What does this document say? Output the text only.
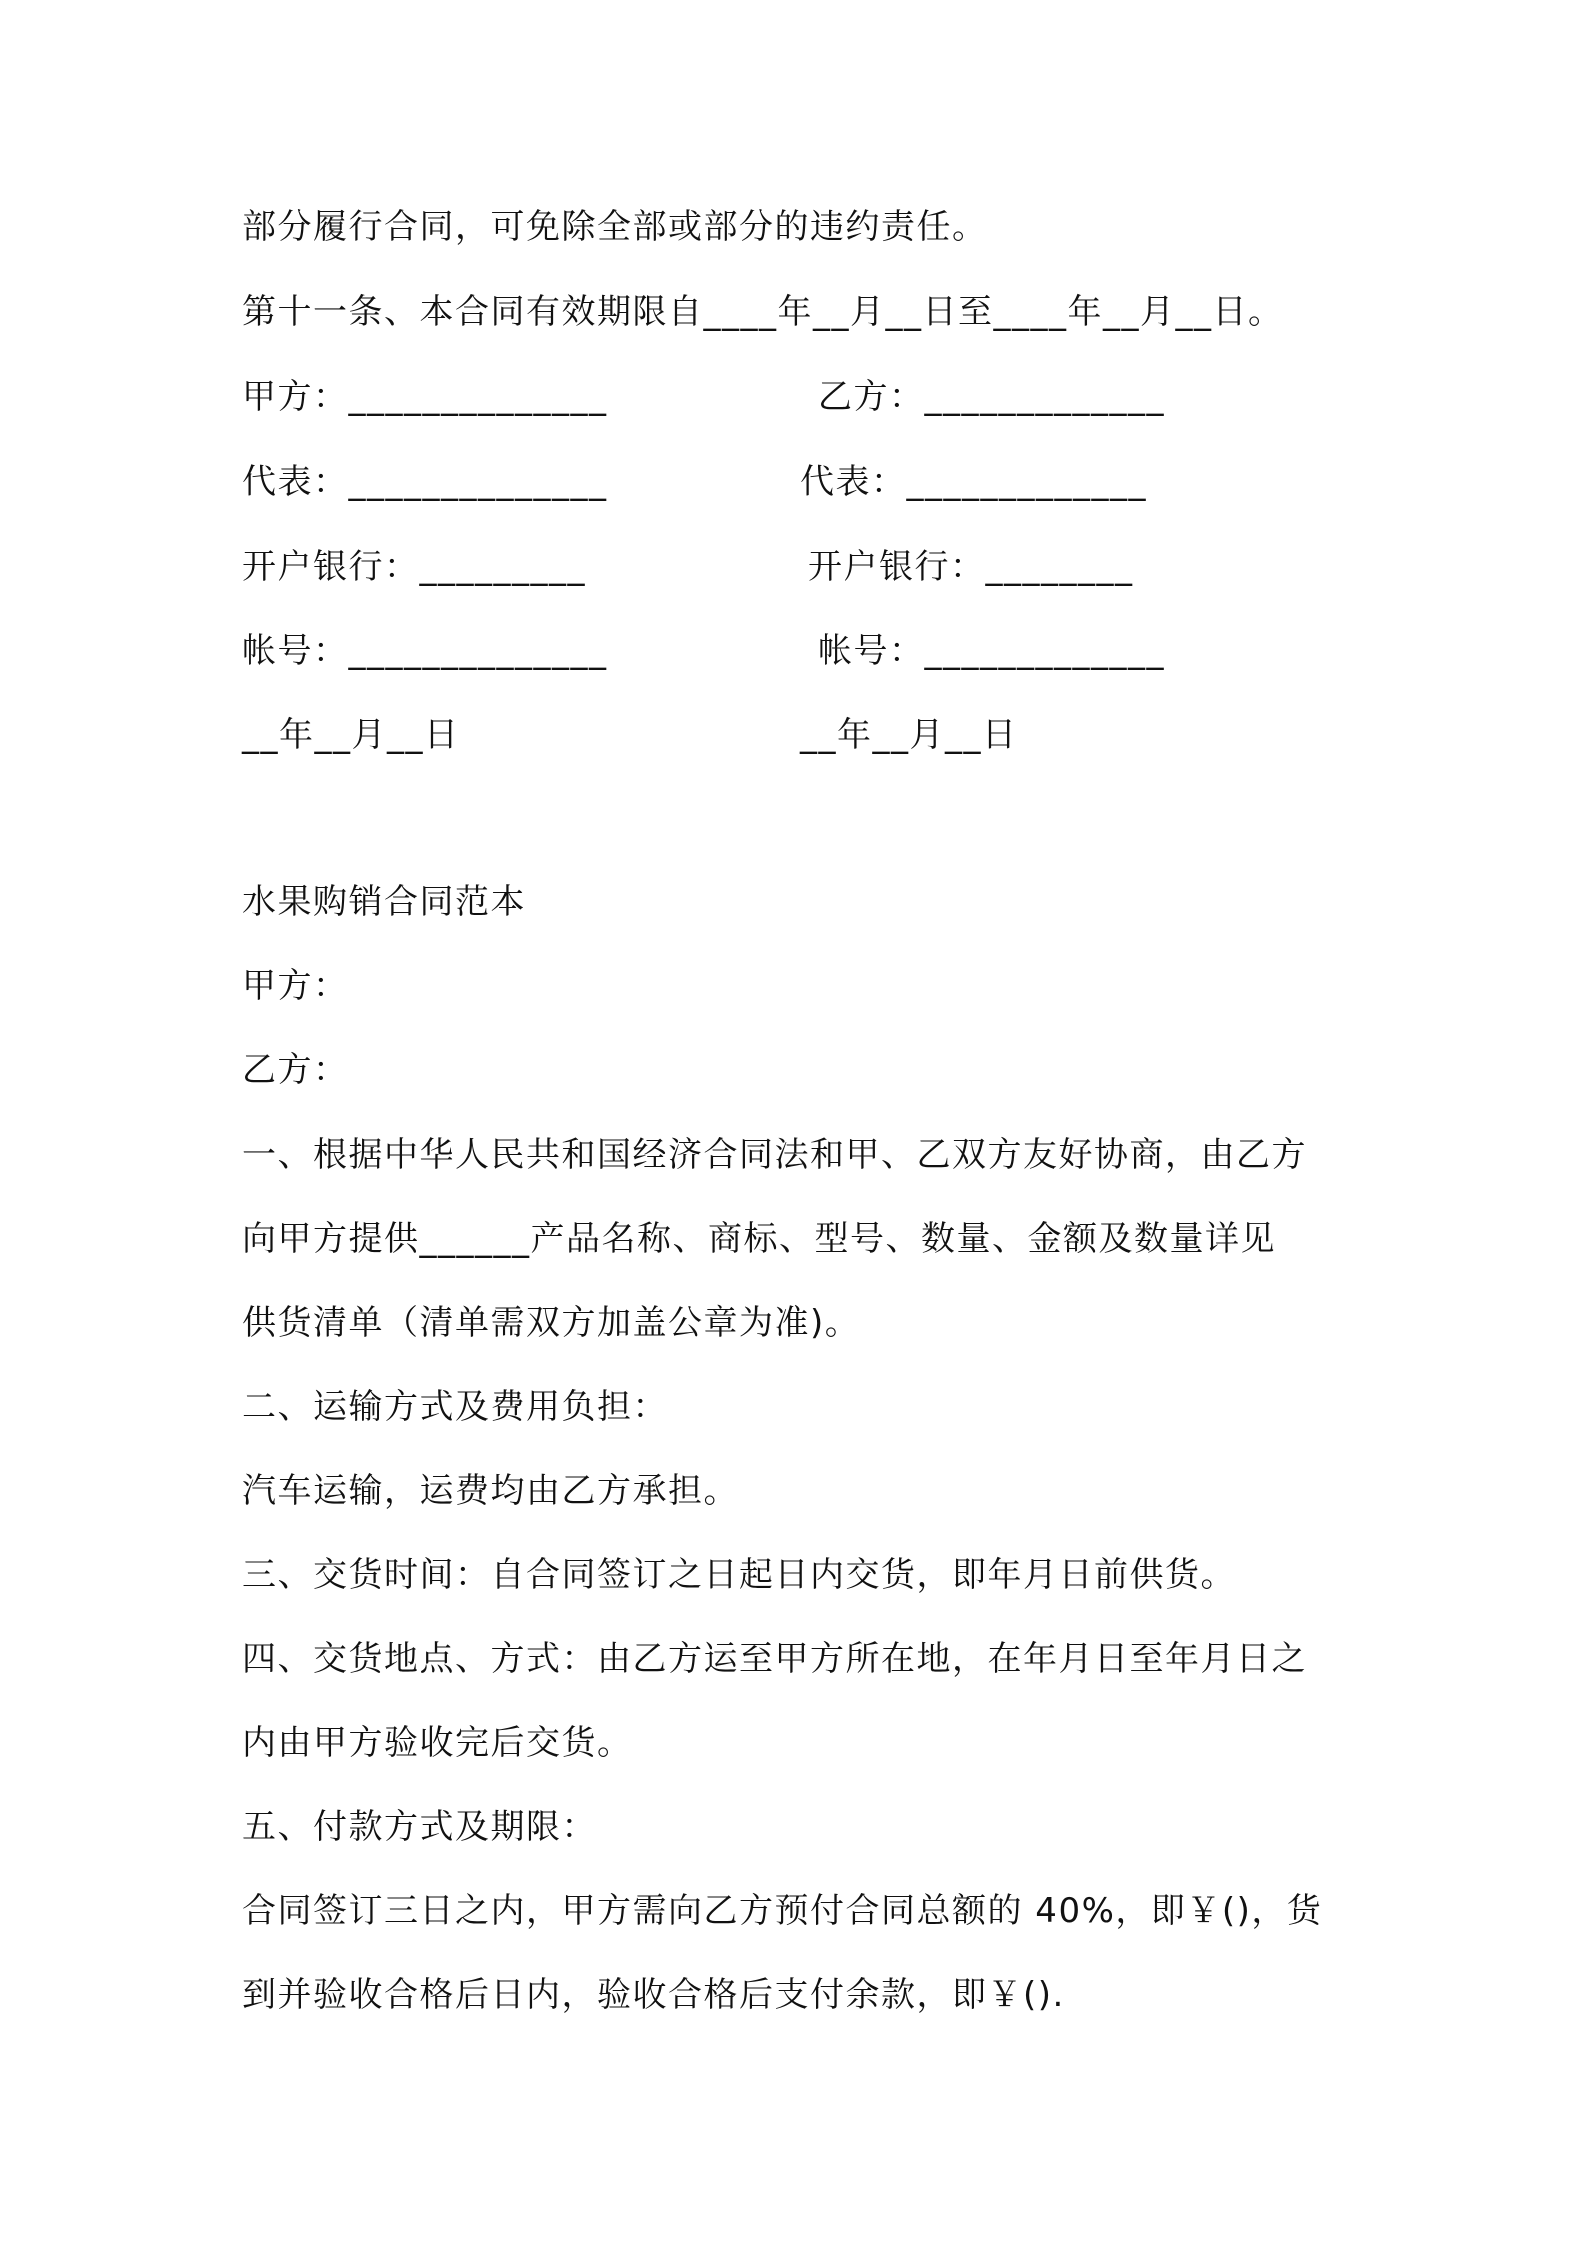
部分履行合同，可免除全部或部分的违约责任。
第十一条、本合同有效期限自____年__月__日至____年__月__日。
甲方：______________	乙方：_____________
代表：______________	代表：_____________
开户银行：_________	开户银行：________
帐号：______________	帐号：_____________
__年__月__日	__年__月__日
水果购销合同范本
甲方：
乙方：
一、根据中华人民共和国经济合同法和甲、乙双方友好协商，由乙方
向甲方提供______产品名称、商标、型号、数量、金额及数量详见
供货清单（清单需双方加盖公章为准)。
二、运输方式及费用负担：
汽车运输，运费均由乙方承担。
三、交货时间：自合同签订之日起日内交货，即年月日前供货。
四、交货地点、方式：由乙方运至甲方所在地，在年月日至年月日之
内由甲方验收完后交货。
五、付款方式及期限：
合同签订三日之内，甲方需向乙方预付合同总额的 40%，即￥()，货
到并验收合格后日内，验收合格后支付余款，即￥().
